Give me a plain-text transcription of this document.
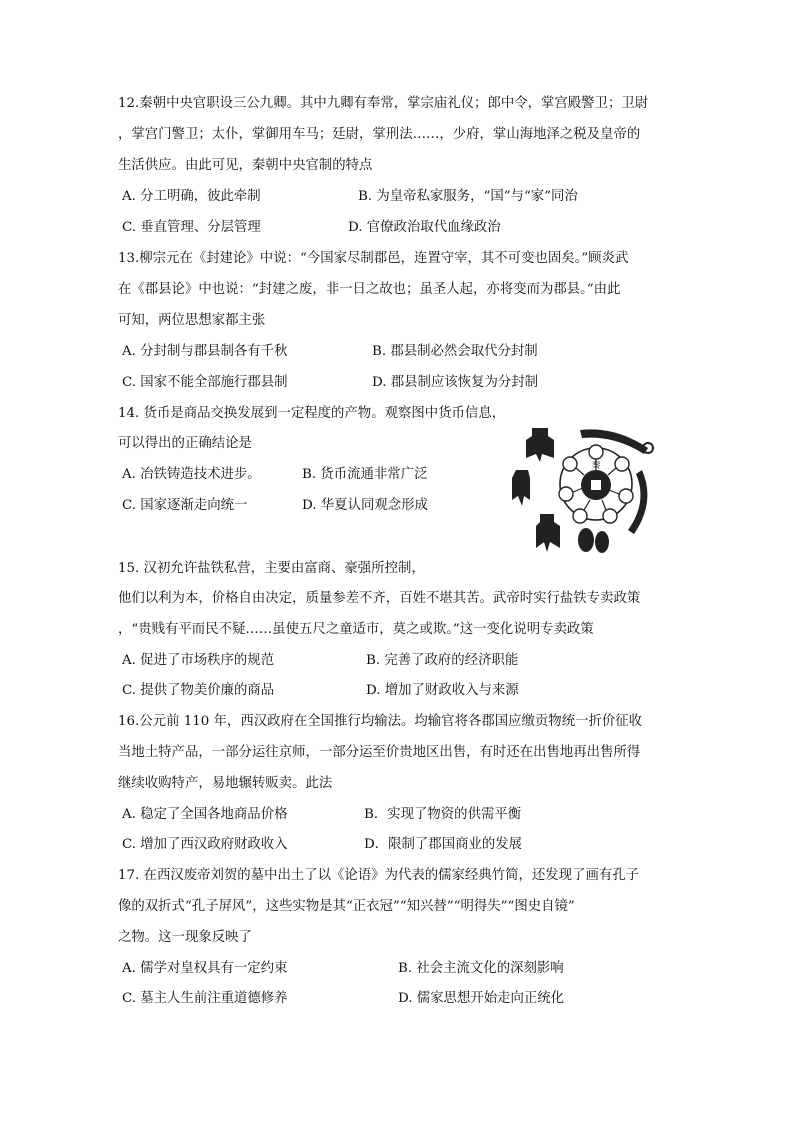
12.秦朝中央官职设三公九卿。其中九卿有奉常，掌宗庙礼仪；郎中令，掌宫殿警卫；卫尉
，掌宫门警卫；太仆，掌御用车马；廷尉，掌刑法……，少府，掌山海地泽之税及皇帝的
生活供应。由此可见，秦朝中央官制的特点
A. 分工明确，彼此牵制	B. 为皇帝私家服务，“国”与“家”同治
C. 垂直管理、分层管理	D. 官僚政治取代血缘政治
13.柳宗元在《封建论》中说：“今国家尽制郡邑，连置守宰，其不可变也固矣。”顾炎武
在《郡县论》中也说：“封建之废，非一日之故也；虽圣人起，亦将变而为郡县。”由此
可知，两位思想家都主张
A. 分封制与郡县制各有千秋	B. 郡县制必然会取代分封制
C. 国家不能全部施行郡县制	D. 郡县制应该恢复为分封制
14. 货币是商品交换发展到一定程度的产物。观察图中货币信息，
可以得出的正确结论是
A. 冶铁铸造技术进步。	B. 货币流通非常广泛
C. 国家逐渐走向统一	D. 华夏认同观念形成
秦
15. 汉初允许盐铁私营，主要由富商、豪强所控制，
他们以利为本，价格自由决定，质量参差不齐，百姓不堪其苦。武帝时实行盐铁专卖政策
，“贵贱有平而民不疑……虽使五尺之童适市，莫之或欺。”这一变化说明专卖政策
A. 促进了市场秩序的规范	B. 完善了政府的经济职能
C. 提供了物美价廉的商品	D. 增加了财政收入与来源
16.公元前 110 年，西汉政府在全国推行均输法。均输官将各郡国应缴贡物统一折价征收
当地土特产品，一部分运往京师，一部分运至价贵地区出售，有时还在出售地再出售所得
继续收购特产，易地辗转贩卖。此法
A. 稳定了全国各地商品价格	B．实现了物资的供需平衡
C. 增加了西汉政府财政收入	D．限制了郡国商业的发展
17. 在西汉废帝刘贺的墓中出土了以《论语》为代表的儒家经典竹简，还发现了画有孔子
像的双折式“孔子屏风”，这些实物是其“正衣冠”“知兴替”“明得失”“图史自镜”
之物。这一现象反映了
A. 儒学对皇权具有一定约束	B. 社会主流文化的深刻影响
C. 墓主人生前注重道德修养	D. 儒家思想开始走向正统化
